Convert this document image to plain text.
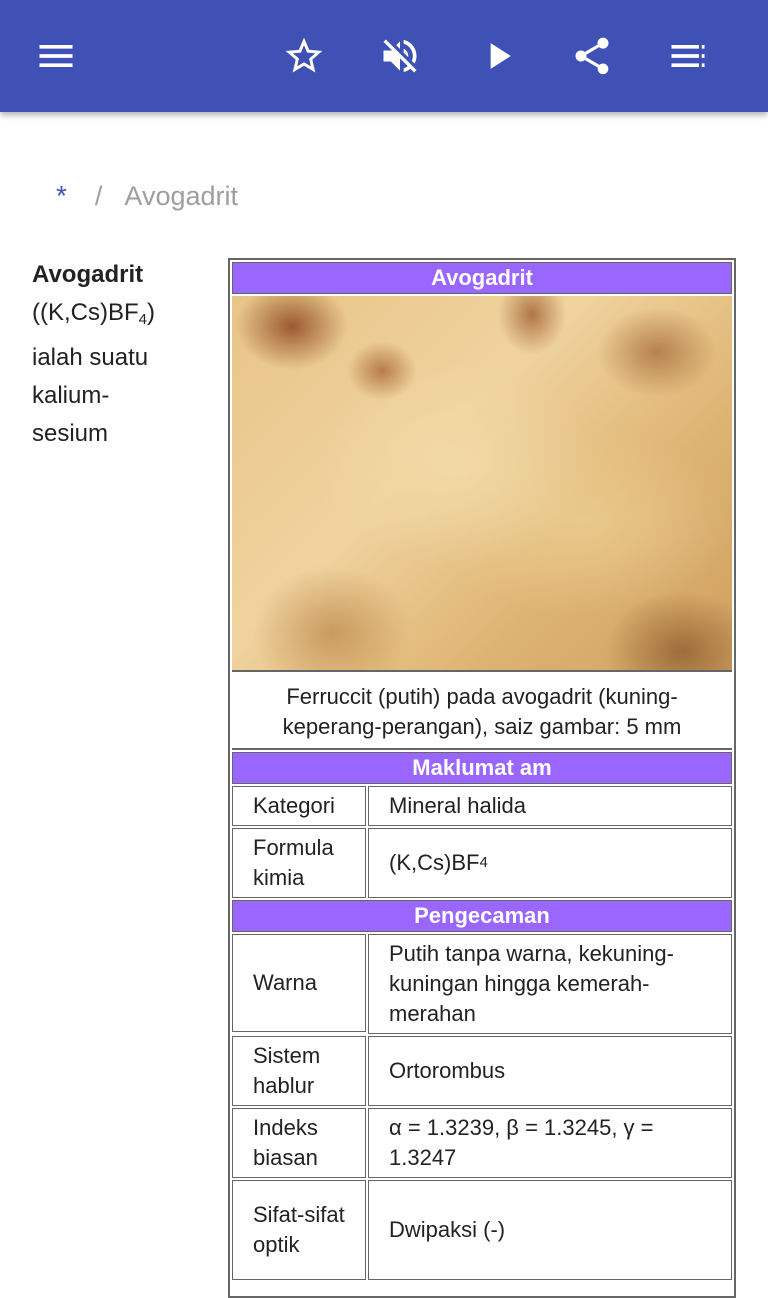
* / Avogadrit
Avogadrit
$((K,Cs)BF_4)$ ialah suatu kalium-sesium
Avogadrit
Ferruccit (putih) pada avogadrit (kuning-keperang-perangan), saiz gambar: 5 mm
Maklumat am
Kategori	Mineral halida
Formula kimia
(K,Cs)BF 4
Pengecaman
Warna
Putih tanpa warna, kekuning-kuningan hingga kemerah-merahan
Sistem hablur
Ortorombus
Indeks biasan
α = 1.3239, β = 1.3245, γ = 1.3247
Sifat-sifat optik
Dwipaksi (-)
